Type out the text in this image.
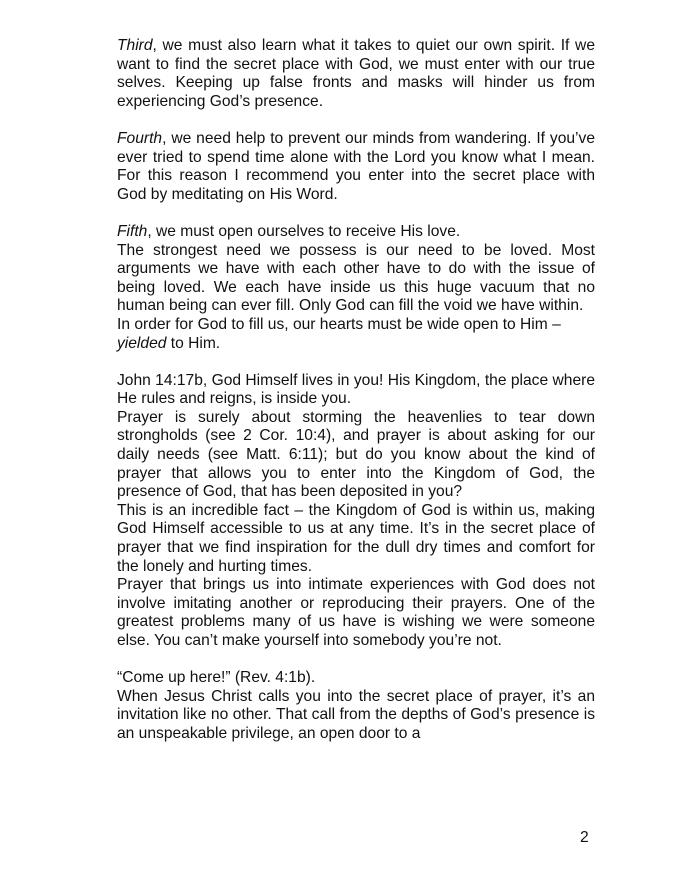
Third, we must also learn what it takes to quiet our own spirit. If we want to find the secret place with God, we must enter with our true selves. Keeping up false fronts and masks will hinder us from experiencing God’s presence.

Fourth, we need help to prevent our minds from wandering. If you’ve ever tried to spend time alone with the Lord you know what I mean. For this reason I recommend you enter into the secret place with God by meditating on His Word.

Fifth, we must open ourselves to receive His love.

The strongest need we possess is our need to be loved. Most arguments we have with each other have to do with the issue of being loved. We each have inside us this huge vacuum that no human being can ever fill. Only God can fill the void we have within.

In order for God to fill us, our hearts must be wide open to Him –
yielded to Him.

John 14:17b, God Himself lives in you! His Kingdom, the place where He rules and reigns, is inside you.

Prayer is surely about storming the heavenlies to tear down strongholds (see 2 Cor. 10:4), and prayer is about asking for our daily needs (see Matt. 6:11); but do you know about the kind of prayer that allows you to enter into the Kingdom of God, the presence of God, that has been deposited in you?

This is an incredible fact – the Kingdom of God is within us, making God Himself accessible to us at any time. It’s in the secret place of prayer that we find inspiration for the dull dry times and comfort for the lonely and hurting times.

Prayer that brings us into intimate experiences with God does not involve imitating another or reproducing their prayers. One of the greatest problems many of us have is wishing we were someone else. You can’t make yourself into somebody you’re not.

“Come up here!” (Rev. 4:1b).

When Jesus Christ calls you into the secret place of prayer, it’s an invitation like no other. That call from the depths of God’s presence is an unspeakable privilege, an open door to a

2
